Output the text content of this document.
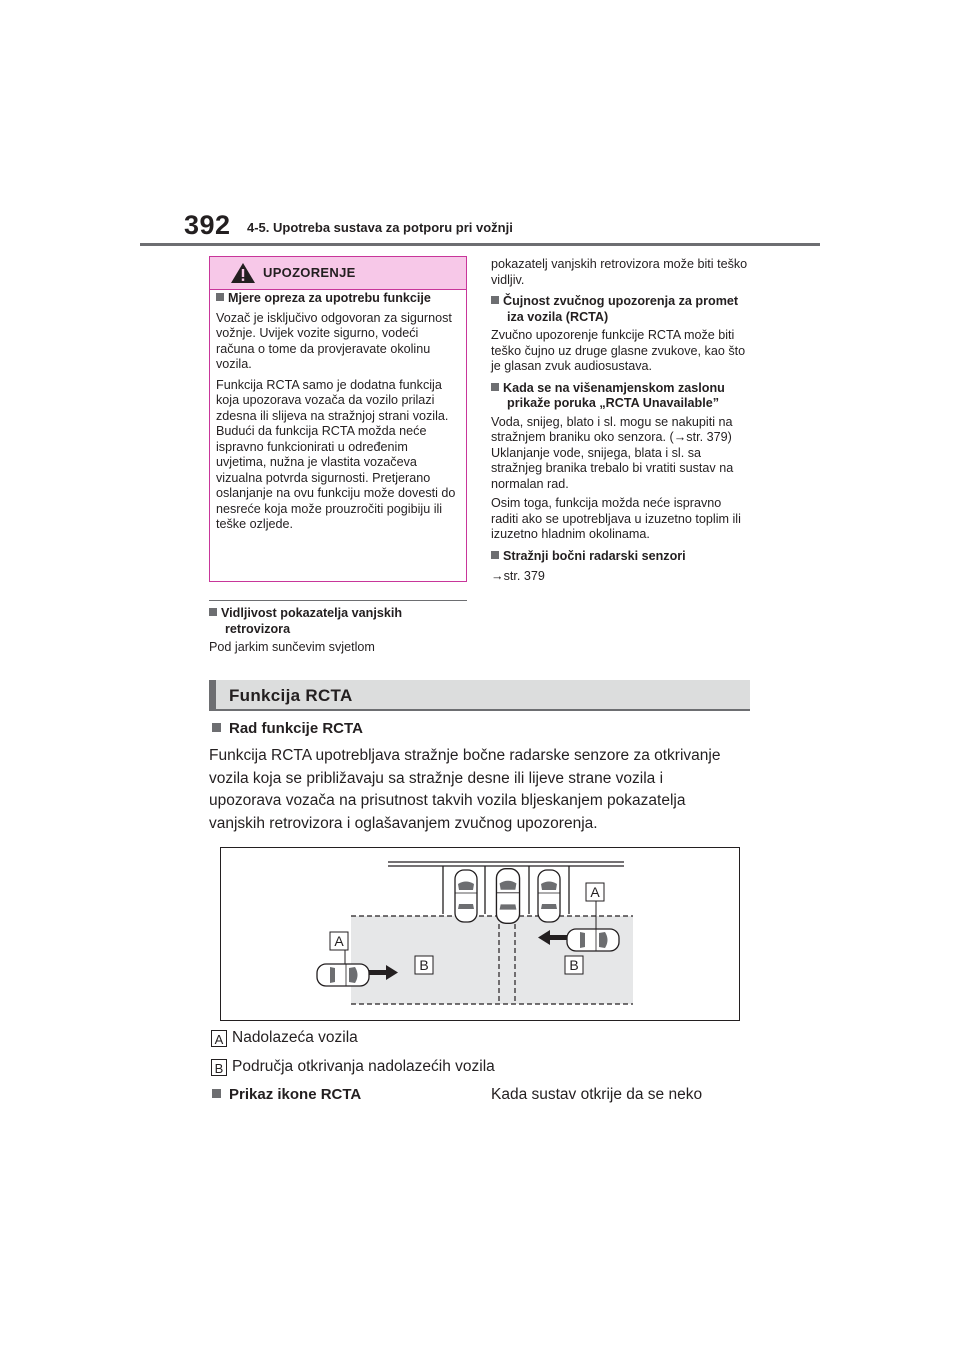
392 4-5. Upotreba sustava za potporu pri vožnji
UPOZORENJE
Mjere opreza za upotrebu funkcije
Vozač je isključivo odgovoran za sigurnost vožnje. Uvijek vozite sigurno, vodeći računa o tome da provjeravate okolinu vozila.
Funkcija RCTA samo je dodatna funkcija koja upozorava vozača da vozilo prilazi zdesna ili slijeva na stražnjoj strani vozila. Budući da funkcija RCTA možda neće ispravno funkcionirati u određenim uvjetima, nužna je vlastita vozačeva vizualna potvrda sigurnosti. Pretjerano oslanjanje na ovu funkciju može dovesti do nesreće koja može prouzročiti pogibiju ili teške ozljede.
Vidljivost pokazatelja vanjskih retrovizora
Pod jarkim sunčevim svjetlom
pokazatelj vanjskih retrovizora može biti teško vidljiv.
Čujnost zvučnog upozorenja za promet iza vozila (RCTA)
Zvučno upozorenje funkcije RCTA može biti teško čujno uz druge glasne zvukove, kao što je glasan zvuk audiosustava.
Kada se na višenamjenskom zaslonu prikaže poruka „RCTA Unavailable”
Voda, snijeg, blato i sl. mogu se nakupiti na stražnjem braniku oko senzora. (→str. 379) Uklanjanje vode, snijega, blata i sl. sa stražnjeg branika trebalo bi vratiti sustav na normalan rad.
Osim toga, funkcija možda neće ispravno raditi ako se upotrebljava u izuzetno toplim ili izuzetno hladnim okolinama.
Stražnji bočni radarski senzori
→str. 379
Funkcija RCTA
Rad funkcije RCTA
Funkcija RCTA upotrebljava stražnje bočne radarske senzore za otkrivanje
vozila koja se približavaju sa stražnje desne ili lijeve strane vozila i
upozorava vozača na prisutnost takvih vozila bljeskanjem pokazatelja
vanjskih retrovizora i oglašavanjem zvučnog upozorenja.
A
A
B	B
A Nadolazeća vozila
B Područja otkrivanja nadolazećih vozila
Prikaz ikone RCTA	Kada sustav otkrije da se neko
